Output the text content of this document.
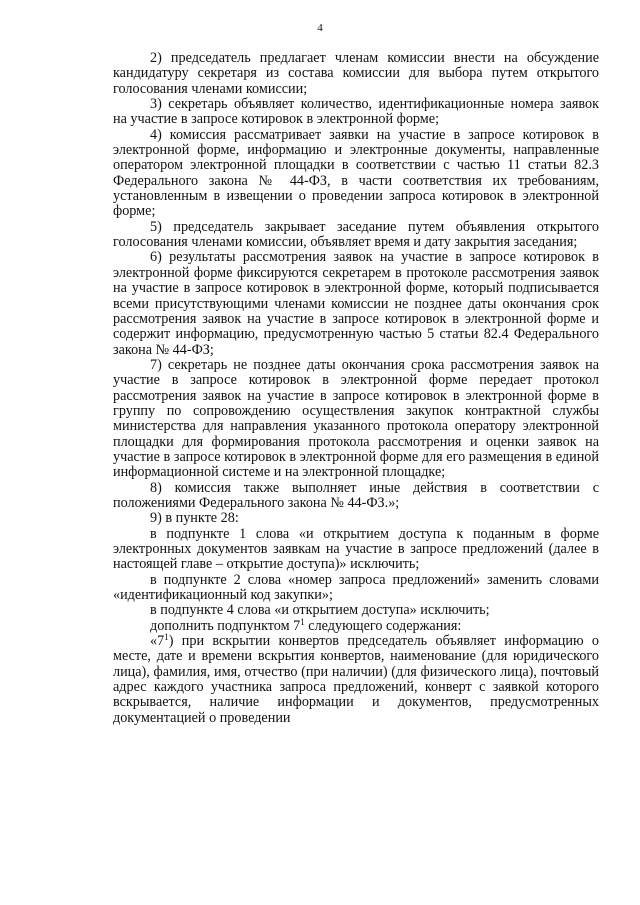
4

2) председатель предлагает членам комиссии внести на обсуждение кандидатуру секретаря из состава комиссии для выбора путем открытого голосования членами комиссии;

3) секретарь объявляет количество, идентификационные номера заявок на участие в запросе котировок в электронной форме;

4) комиссия рассматривает заявки на участие в запросе котировок в электронной форме, информацию и электронные документы, направленные оператором электронной площадки в соответствии с частью 11 статьи 82.3 Федерального закона № 44-ФЗ, в части соответствия их требованиям, установленным в извещении о проведении запроса котировок в электронной форме;

5) председатель закрывает заседание путем объявления открытого голосования членами комиссии, объявляет время и дату закрытия заседания;

6) результаты рассмотрения заявок на участие в запросе котировок в электронной форме фиксируются секретарем в протоколе рассмотрения заявок на участие в запросе котировок в электронной форме, который подписывается всеми присутствующими членами комиссии не позднее даты окончания срок рассмотрения заявок на участие в запросе котировок в электронной форме и содержит информацию, предусмотренную частью 5 статьи 82.4 Федерального закона № 44-ФЗ;

7) секретарь не позднее даты окончания срока рассмотрения заявок на участие в запросе котировок в электронной форме передает протокол рассмотрения заявок на участие в запросе котировок в электронной форме в группу по сопровождению осуществления закупок контрактной службы министерства для направления указанного протокола оператору электронной площадки для формирования протокола рассмотрения и оценки заявок на участие в запросе котировок в электронной форме для его размещения в единой информационной системе и на электронной площадке;

8) комиссия также выполняет иные действия в соответствии с положениями Федерального закона № 44-ФЗ.»;

9) в пункте 28:

в подпункте 1 слова «и открытием доступа к поданным в форме электронных документов заявкам на участие в запросе предложений (далее в настоящей главе – открытие доступа)» исключить;

в подпункте 2 слова «номер запроса предложений» заменить словами «идентификационный код закупки»;

в подпункте 4 слова «и открытием доступа» исключить;

дополнить подпунктом $7^1$ следующего содержания:

«$7^1$) при вскрытии конвертов председатель объявляет информацию о месте, дате и времени вскрытия конвертов, наименование (для юридического лица), фамилия, имя, отчество (при наличии) (для физического лица), почтовый адрес каждого участника запроса предложений, конверт с заявкой которого вскрывается, наличие информации и документов, предусмотренных документацией о проведении
